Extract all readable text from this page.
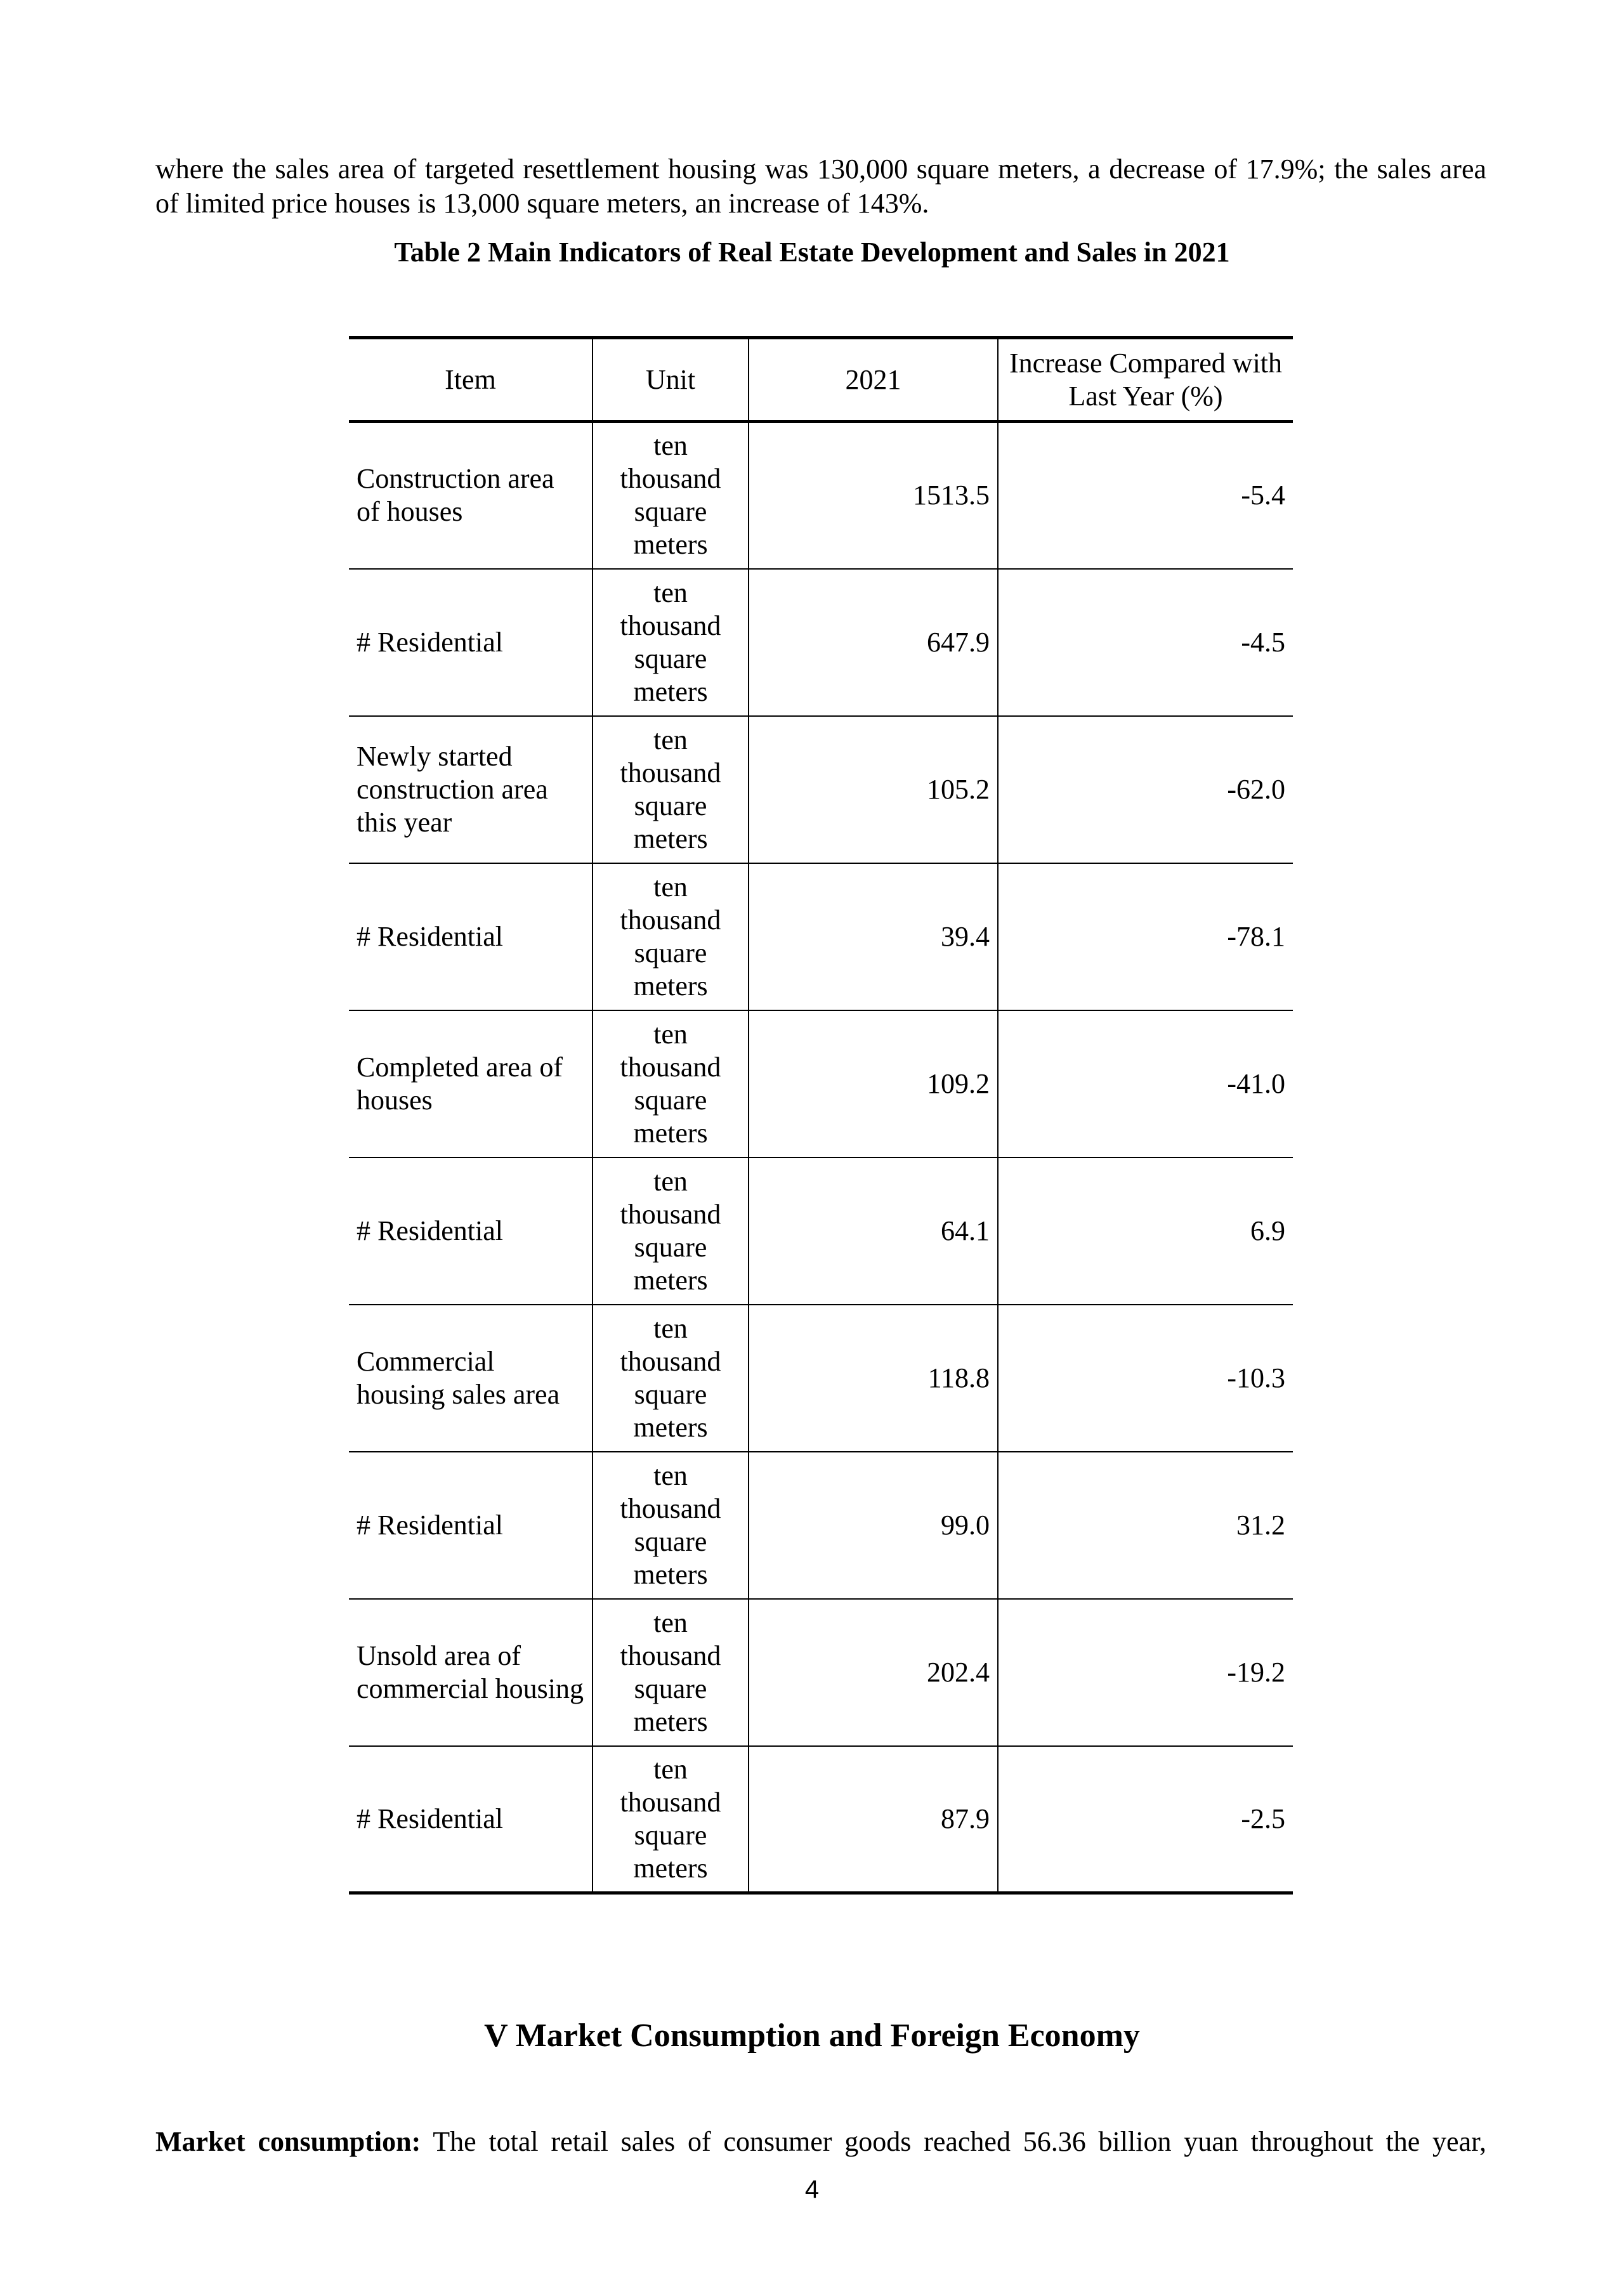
where the sales area of targeted resettlement housing was 130,000 square meters, a decrease of 17.9%; the sales area of limited price houses is 13,000 square meters, an increase of 143%.

Table 2 Main Indicators of Real Estate Development and Sales in 2021

Item	Unit	2021	Increase Compared with Last Year (%)
Construction area of houses	ten thousand square meters	1513.5	-5.4
# Residential	ten thousand square meters	647.9	-4.5
Newly started construction area this year	ten thousand square meters	105.2	-62.0
# Residential	ten thousand square meters	39.4	-78.1
Completed area of houses	ten thousand square meters	109.2	-41.0
# Residential	ten thousand square meters	64.1	6.9
Commercial housing sales area	ten thousand square meters	118.8	-10.3
# Residential	ten thousand square meters	99.0	31.2
Unsold area of commercial housing	ten thousand square meters	202.4	-19.2
# Residential	ten thousand square meters	87.9	-2.5
V Market Consumption and Foreign Economy

Market consumption: The total retail sales of consumer goods reached 56.36 billion yuan throughout the year,

4
